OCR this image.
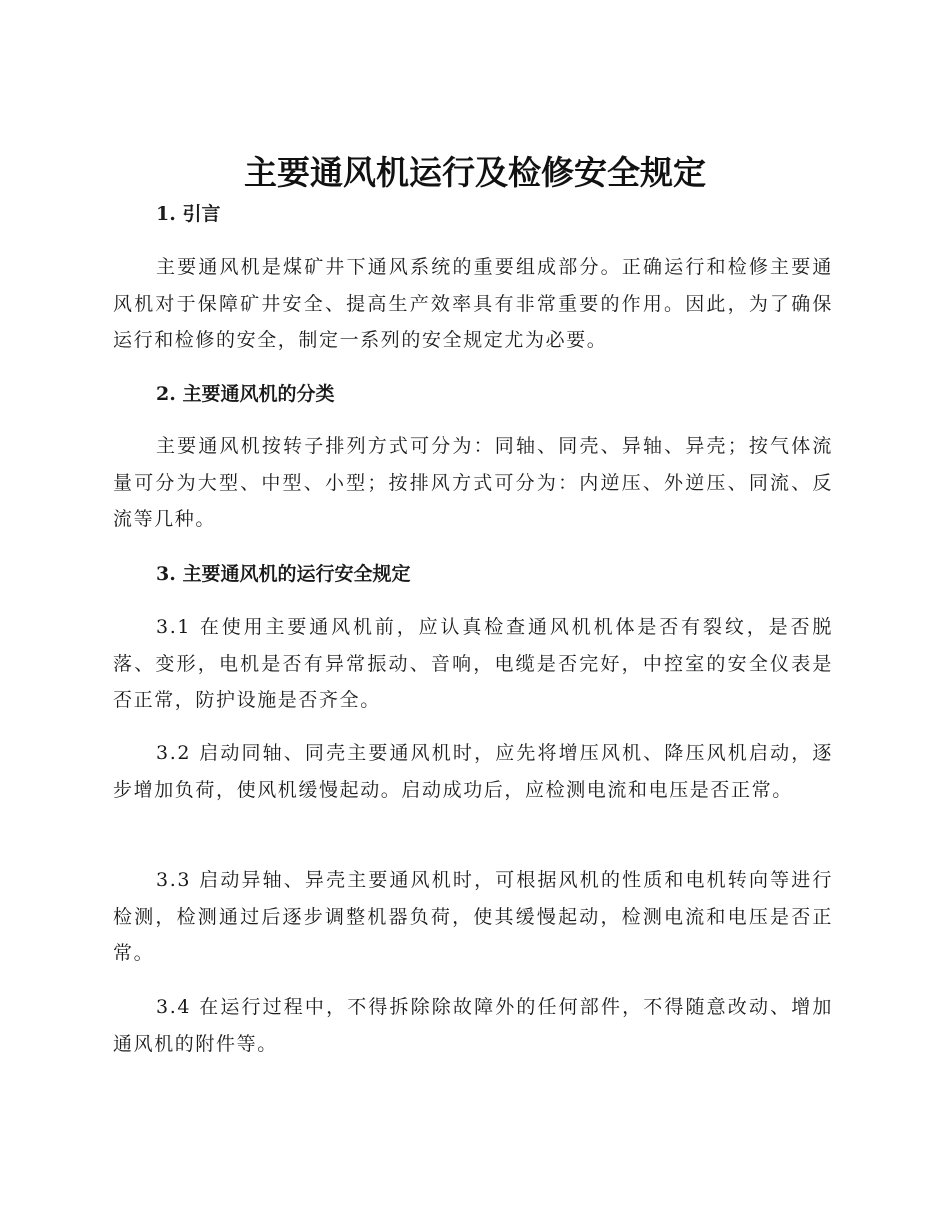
主要通风机运行及检修安全规定
1. 引言

主要通风机是煤矿井下通风系统的重要组成部分。正确运行和检修主要通风机对于保障矿井安全、提高生产效率具有非常重要的作用。因此，为了确保运行和检修的安全，制定一系列的安全规定尤为必要。

2. 主要通风机的分类

主要通风机按转子排列方式可分为：同轴、同壳、异轴、异壳；按气体流量可分为大型、中型、小型；按排风方式可分为：内逆压、外逆压、同流、反流等几种。

3. 主要通风机的运行安全规定

3.1 在使用主要通风机前，应认真检查通风机机体是否有裂纹，是否脱落、变形，电机是否有异常振动、音响，电缆是否完好，中控室的安全仪表是否正常，防护设施是否齐全。

3.2 启动同轴、同壳主要通风机时，应先将增压风机、降压风机启动，逐步增加负荷，使风机缓慢起动。启动成功后，应检测电流和电压是否正常。

3.3 启动异轴、异壳主要通风机时，可根据风机的性质和电机转向等进行检测，检测通过后逐步调整机器负荷，使其缓慢起动，检测电流和电压是否正常。

3.4 在运行过程中，不得拆除除故障外的任何部件，不得随意改动、增加通风机的附件等。
